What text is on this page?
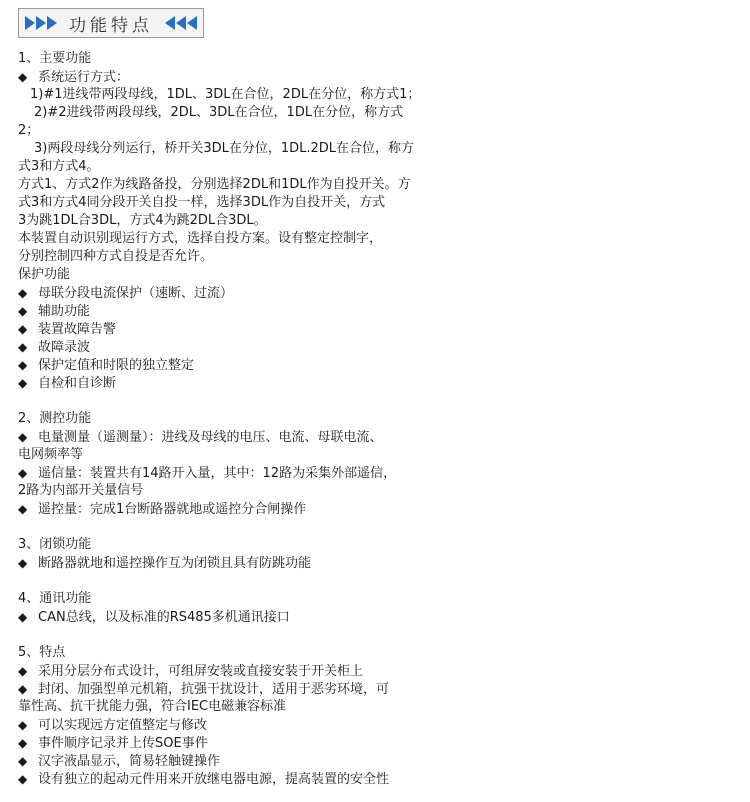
功能特点
1、主要功能
◆ 系统运行方式：
1)#1进线带两段母线，1DL、3DL在合位，2DL在分位，称方式1；
2)#2进线带两段母线，2DL、3DL在合位，1DL在分位，称方式
2；
3)两段母线分列运行，桥开关3DL在分位，1DL.2DL在合位，称方
式3和方式4。
方式1、方式2作为线路备投，分别选择2DL和1DL作为自投开关。方
式3和方式4同分段开关自投一样，选择3DL作为自投开关，方式
3为跳1DL合3DL，方式4为跳2DL合3DL。
本装置自动识别现运行方式，选择自投方案。设有整定控制字，
分别控制四种方式自投是否允许。
保护功能
◆ 母联分段电流保护（速断、过流）
◆ 辅助功能
◆ 装置故障告警
◆ 故障录波
◆ 保护定值和时限的独立整定
◆ 自检和自诊断
2、测控功能
◆ 电量测量（遥测量）：进线及母线的电压、电流、母联电流、
电网频率等
◆ 遥信量：装置共有14路开入量，其中：12路为采集外部遥信，
2路为内部开关量信号
◆ 遥控量：完成1台断路器就地或遥控分合闸操作
3、闭锁功能
◆ 断路器就地和遥控操作互为闭锁且具有防跳功能
4、通讯功能
◆ CAN总线，以及标准的RS485多机通讯接口
5、特点
◆ 采用分层分布式设计，可组屏安装或直接安装于开关柜上
◆ 封闭、加强型单元机箱，抗强干扰设计，适用于恶劣环境，可
靠性高、抗干扰能力强，符合IEC电磁兼容标准
◆ 可以实现远方定值整定与修改
◆ 事件顺序记录并上传SOE事件
◆ 汉字液晶显示，简易轻触键操作
◆ 设有独立的起动元件用来开放继电器电源，提高装置的安全性
